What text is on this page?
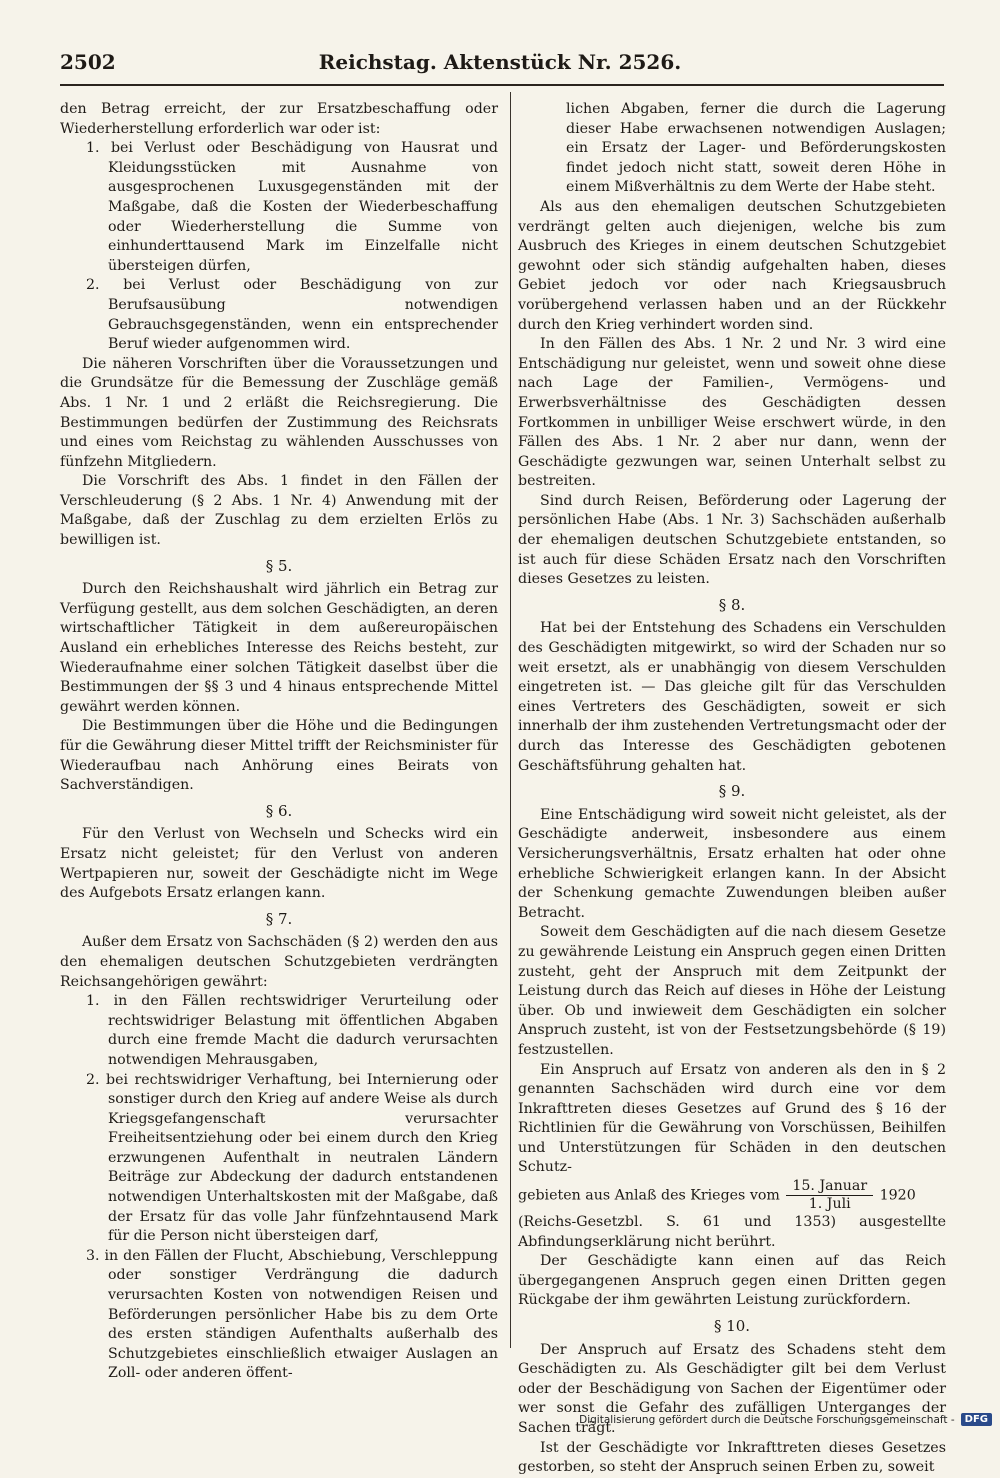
2502	Reichstag. Aktenstück Nr. 2526.

den Betrag erreicht, der zur Ersatzbeschaffung oder Wiederherstellung erforderlich war oder ist:

1. bei Verlust oder Beschädigung von Hausrat und Kleidungsstücken mit Ausnahme von ausgesprochenen Luxusgegenständen mit der Maßgabe, daß die Kosten der Wiederbeschaffung oder Wiederherstellung die Summe von einhunderttausend Mark im Einzelfalle nicht übersteigen dürfen,

2. bei Verlust oder Beschädigung von zur Berufsausübung notwendigen Gebrauchsgegenständen, wenn ein entsprechender Beruf wieder aufgenommen wird.

Die näheren Vorschriften über die Voraussetzungen und die Grundsätze für die Bemessung der Zuschläge gemäß Abs. 1 Nr. 1 und 2 erläßt die Reichsregierung. Die Bestimmungen bedürfen der Zustimmung des Reichsrats und eines vom Reichstag zu wählenden Ausschusses von fünfzehn Mitgliedern.

Die Vorschrift des Abs. 1 findet in den Fällen der Verschleuderung (§ 2 Abs. 1 Nr. 4) Anwendung mit der Maßgabe, daß der Zuschlag zu dem erzielten Erlös zu bewilligen ist.

§ 5.

Durch den Reichshaushalt wird jährlich ein Betrag zur Verfügung gestellt, aus dem solchen Geschädigten, an deren wirtschaftlicher Tätigkeit in dem außereuropäischen Ausland ein erhebliches Interesse des Reichs besteht, zur Wiederaufnahme einer solchen Tätigkeit daselbst über die Bestimmungen der §§ 3 und 4 hinaus entsprechende Mittel gewährt werden können.

Die Bestimmungen über die Höhe und die Bedingungen für die Gewährung dieser Mittel trifft der Reichsminister für Wiederaufbau nach Anhörung eines Beirats von Sachverständigen.

§ 6.

Für den Verlust von Wechseln und Schecks wird ein Ersatz nicht geleistet; für den Verlust von anderen Wertpapieren nur, soweit der Geschädigte nicht im Wege des Aufgebots Ersatz erlangen kann.

§ 7.

Außer dem Ersatz von Sachschäden (§ 2) werden den aus den ehemaligen deutschen Schutzgebieten verdrängten Reichsangehörigen gewährt:

1. in den Fällen rechtswidriger Verurteilung oder rechtswidriger Belastung mit öffentlichen Abgaben durch eine fremde Macht die dadurch verursachten notwendigen Mehrausgaben,

2. bei rechtswidriger Verhaftung, bei Internierung oder sonstiger durch den Krieg auf andere Weise als durch Kriegsgefangenschaft verursachter Freiheitsentziehung oder bei einem durch den Krieg erzwungenen Aufenthalt in neutralen Ländern Beiträge zur Abdeckung der dadurch entstandenen notwendigen Unterhaltskosten mit der Maßgabe, daß der Ersatz für das volle Jahr fünfzehntausend Mark für die Person nicht übersteigen darf,

3. in den Fällen der Flucht, Abschiebung, Verschleppung oder sonstiger Verdrängung die dadurch verursachten Kosten von notwendigen Reisen und Beförderungen persönlicher Habe bis zu dem Orte des ersten ständigen Aufenthalts außerhalb des Schutzgebietes einschließlich etwaiger Auslagen an Zoll- oder anderen öffent-

lichen Abgaben, ferner die durch die Lagerung dieser Habe erwachsenen notwendigen Auslagen; ein Ersatz der Lager- und Beförderungskosten findet jedoch nicht statt, soweit deren Höhe in einem Mißverhältnis zu dem Werte der Habe steht.

Als aus den ehemaligen deutschen Schutzgebieten verdrängt gelten auch diejenigen, welche bis zum Ausbruch des Krieges in einem deutschen Schutzgebiet gewohnt oder sich ständig aufgehalten haben, dieses Gebiet jedoch vor oder nach Kriegsausbruch vorübergehend verlassen haben und an der Rückkehr durch den Krieg verhindert worden sind.

In den Fällen des Abs. 1 Nr. 2 und Nr. 3 wird eine Entschädigung nur geleistet, wenn und soweit ohne diese nach Lage der Familien-, Vermögens- und Erwerbsverhältnisse des Geschädigten dessen Fortkommen in unbilliger Weise erschwert würde, in den Fällen des Abs. 1 Nr. 2 aber nur dann, wenn der Geschädigte gezwungen war, seinen Unterhalt selbst zu bestreiten.

Sind durch Reisen, Beförderung oder Lagerung der persönlichen Habe (Abs. 1 Nr. 3) Sachschäden außerhalb der ehemaligen deutschen Schutzgebiete entstanden, so ist auch für diese Schäden Ersatz nach den Vorschriften dieses Gesetzes zu leisten.

§ 8.

Hat bei der Entstehung des Schadens ein Verschulden des Geschädigten mitgewirkt, so wird der Schaden nur so weit ersetzt, als er unabhängig von diesem Verschulden eingetreten ist. — Das gleiche gilt für das Verschulden eines Vertreters des Geschädigten, soweit er sich innerhalb der ihm zustehenden Vertretungsmacht oder der durch das Interesse des Geschädigten gebotenen Geschäftsführung gehalten hat.

§ 9.

Eine Entschädigung wird soweit nicht geleistet, als der Geschädigte anderweit, insbesondere aus einem Versicherungsverhältnis, Ersatz erhalten hat oder ohne erhebliche Schwierigkeit erlangen kann. In der Absicht der Schenkung gemachte Zuwendungen bleiben außer Betracht.

Soweit dem Geschädigten auf die nach diesem Gesetze zu gewährende Leistung ein Anspruch gegen einen Dritten zusteht, geht der Anspruch mit dem Zeitpunkt der Leistung durch das Reich auf dieses in Höhe der Leistung über. Ob und inwieweit dem Geschädigten ein solcher Anspruch zusteht, ist von der Festsetzungsbehörde (§ 19) festzustellen.

Ein Anspruch auf Ersatz von anderen als den in § 2 genannten Sachschäden wird durch eine vor dem Inkrafttreten dieses Gesetzes auf Grund des § 16 der Richtlinien für die Gewährung von Vorschüssen, Beihilfen und Unterstützungen für Schäden in den deutschen Schutz-

gebieten aus Anlaß des Krieges vom $\frac{\text{15. Januar}}{\text{1. Juli}} 1920$

(Reichs-Gesetzbl. S. 61 und 1353) ausgestellte Abfindungserklärung nicht berührt.

Der Geschädigte kann einen auf das Reich übergegangenen Anspruch gegen einen Dritten gegen Rückgabe der ihm gewährten Leistung zurückfordern.

§ 10.

Der Anspruch auf Ersatz des Schadens steht dem Geschädigten zu. Als Geschädigter gilt bei dem Verlust oder der Beschädigung von Sachen der Eigentümer oder wer sonst die Gefahr des zufälligen Unterganges der Sachen trägt.

Ist der Geschädigte vor Inkrafttreten dieses Gesetzes gestorben, so steht der Anspruch seinen Erben zu, soweit

Digitalisierung gefördert durch die Deutsche Forschungsgemeinschaft -	DFG
